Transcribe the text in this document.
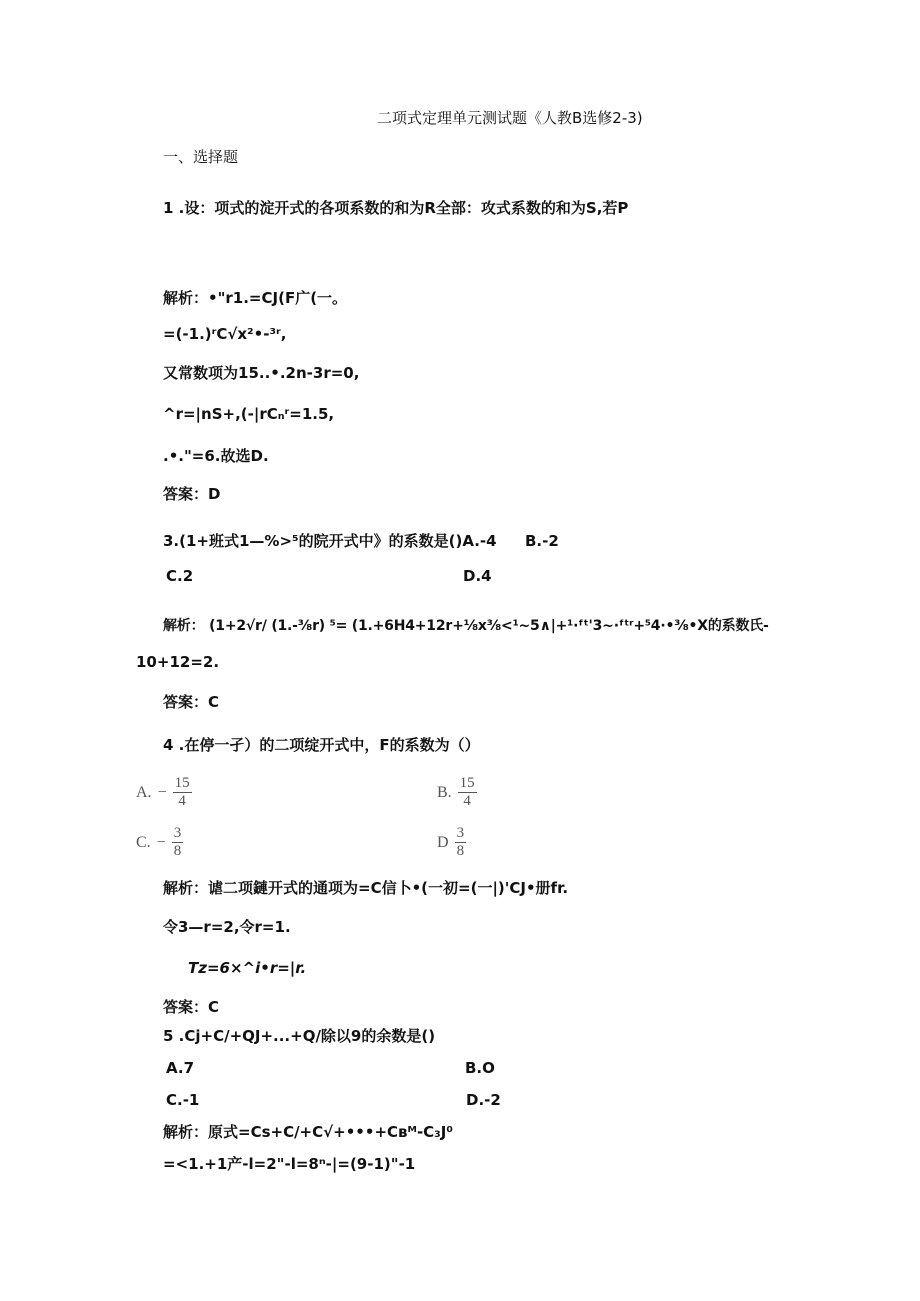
二项式定理单元测试题《人教B选修2-3)
一、选择题
1 .设：项式的淀开式的各项系数的和为R全部：攻式系数的和为S,若P
解析：•"r1.=CJ(F广(一。
=(-1.)ʳC√x²•-³ʳ,
又常数项为15..•.2n-3r=0,
^r=|nS+,(-|rCₙʳ=1.5,
.•."=6.故选D.
答案：D
3.(1+班式1—%>⁵的院开式中》的系数是()A.-4 B.-2
C.2	D.4
解析： (1+2√r/ (1.-⅜r) ⁵= (1.+6H4+12r+⅛x⅜<¹~5∧|+¹·ᶠᵗ'3~·ᶠᵗʳ+⁵4·•⅜•X的系数氏-
10+12=2.
答案：C
4 .在停一孑）的二项绽开式中，F的系数为（）
A. − $\frac{15}{4}$	B. $\frac{15}{4}$
C. − $\frac{3}{8}$	D $\frac{3}{8}$
解析：谑二项鏈开式的通项为=C信卜•(一初=(一|)'CJ•册fr.
令3—r=2,令r=1.
Tz=6×^i•r=|r.
答案：C
5 .Cj+C/+QJ+...+Q/除以9的余数是()
A.7	B.O
C.-1	D.-2
解析：原式=Cs+C/+C√+•••+Cʙᴹ-C₃J⁰
=<1.+1产-l=2"-l=8ⁿ-|=(9-1)"-1
